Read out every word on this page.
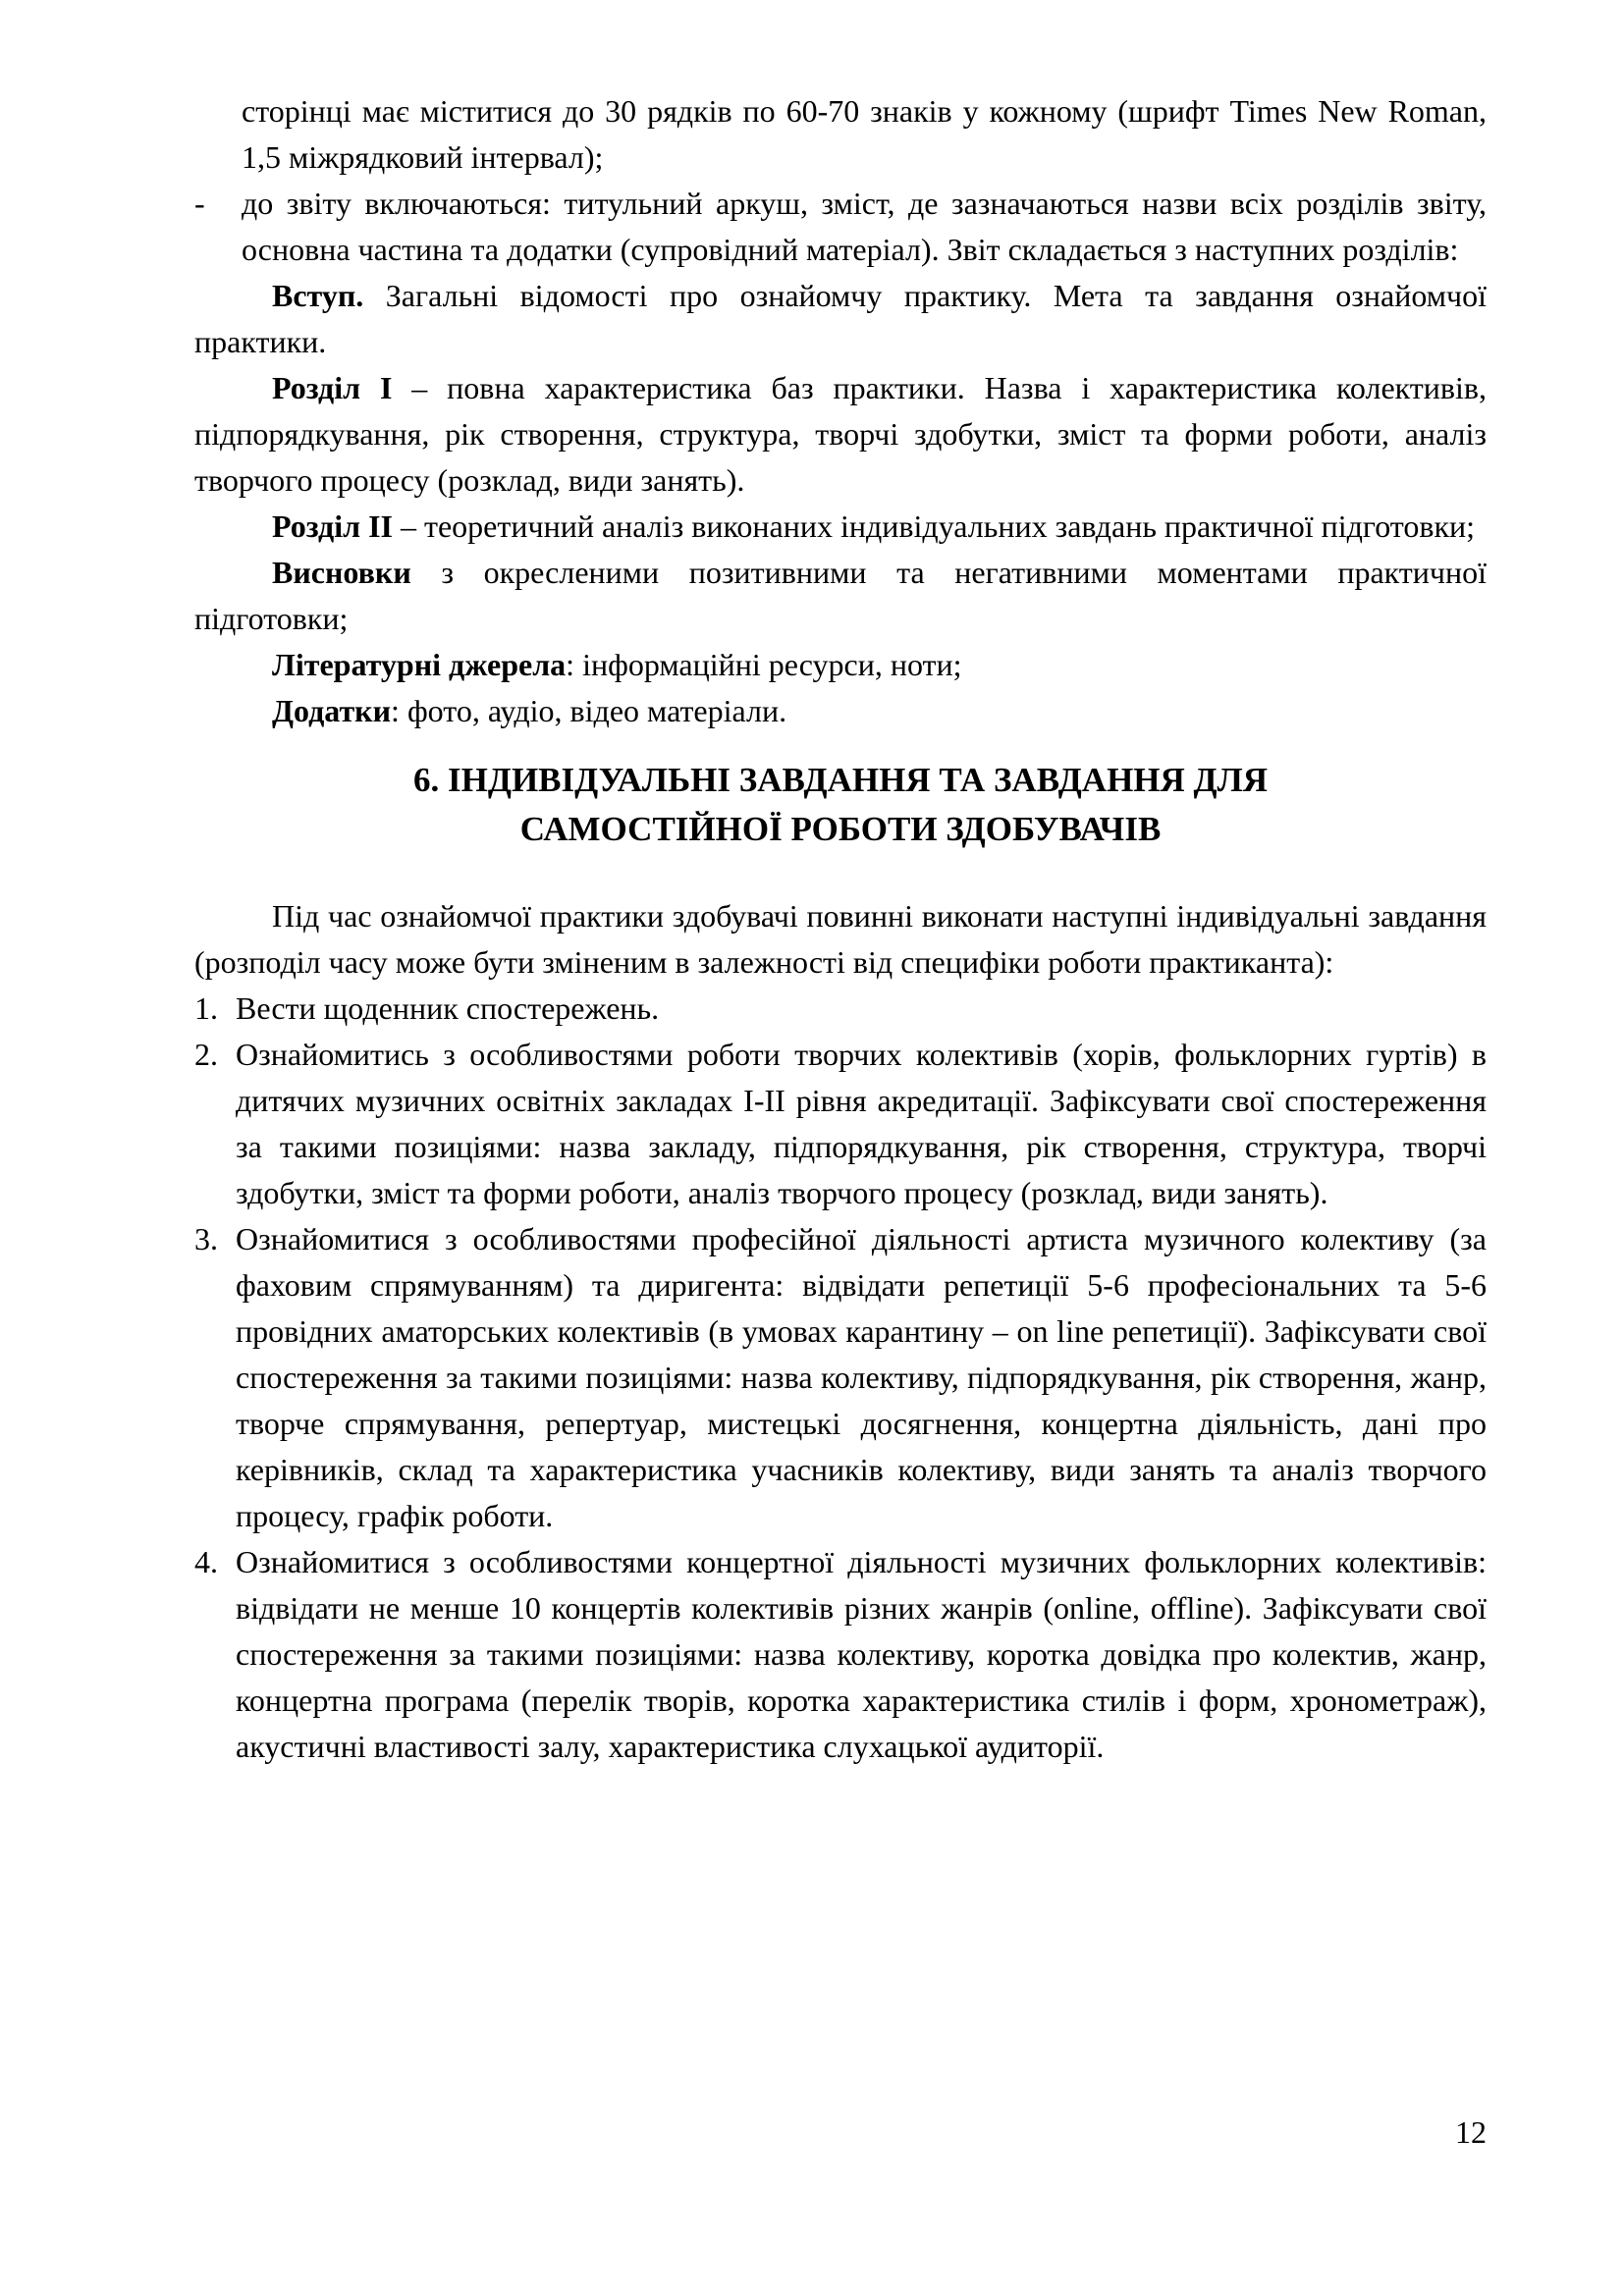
сторінці має міститися до 30 рядків по 60-70 знаків у кожному (шрифт Times New Roman, 1,5 міжрядковий інтервал);
- до звіту включаються: титульний аркуш, зміст, де зазначаються назви всіх розділів звіту, основна частина та додатки (супровідний матеріал). Звіт складається з наступних розділів:
Вступ. Загальні відомості про ознайомчу практику. Мета та завдання ознайомчої практики.
Розділ I – повна характеристика баз практики. Назва і характеристика колективів, підпорядкування, рік створення, структура, творчі здобутки, зміст та форми роботи, аналіз творчого процесу (розклад, види занять).
Розділ II – теоретичний аналіз виконаних індивідуальних завдань практичної підготовки;
Висновки з окресленими позитивними та негативними моментами практичної підготовки;
Літературні джерела: інформаційні ресурси, ноти;
Додатки: фото, аудіо, відео матеріали.
6. ІНДИВІДУАЛЬНІ ЗАВДАННЯ ТА ЗАВДАННЯ ДЛЯ
САМОСТІЙНОЇ РОБОТИ ЗДОБУВАЧІВ
Під час ознайомчої практики здобувачі повинні виконати наступні індивідуальні завдання (розподіл часу може бути зміненим в залежності від специфіки роботи практиканта):
1. Вести щоденник спостережень.
2. Ознайомитись з особливостями роботи творчих колективів (хорів, фольклорних гуртів) в дитячих музичних освітніх закладах I-II рівня акредитації. Зафіксувати свої спостереження за такими позиціями: назва закладу, підпорядкування, рік створення, структура, творчі здобутки, зміст та форми роботи, аналіз творчого процесу (розклад, види занять).
3. Ознайомитися з особливостями професійної діяльності артиста музичного колективу (за фаховим спрямуванням) та диригента: відвідати репетиції 5-6 професіональних та 5-6 провідних аматорських колективів (в умовах карантину – on line репетиції). Зафіксувати свої спостереження за такими позиціями: назва колективу, підпорядкування, рік створення, жанр, творче спрямування, репертуар, мистецькі досягнення, концертна діяльність, дані про керівників, склад та характеристика учасників колективу, види занять та аналіз творчого процесу, графік роботи.
4. Ознайомитися з особливостями концертної діяльності музичних фольклорних колективів: відвідати не менше 10 концертів колективів різних жанрів (online, offline). Зафіксувати свої спостереження за такими позиціями: назва колективу, коротка довідка про колектив, жанр, концертна програма (перелік творів, коротка характеристика стилів і форм, хронометраж), акустичні властивості залу, характеристика слухацької аудиторії.
12
